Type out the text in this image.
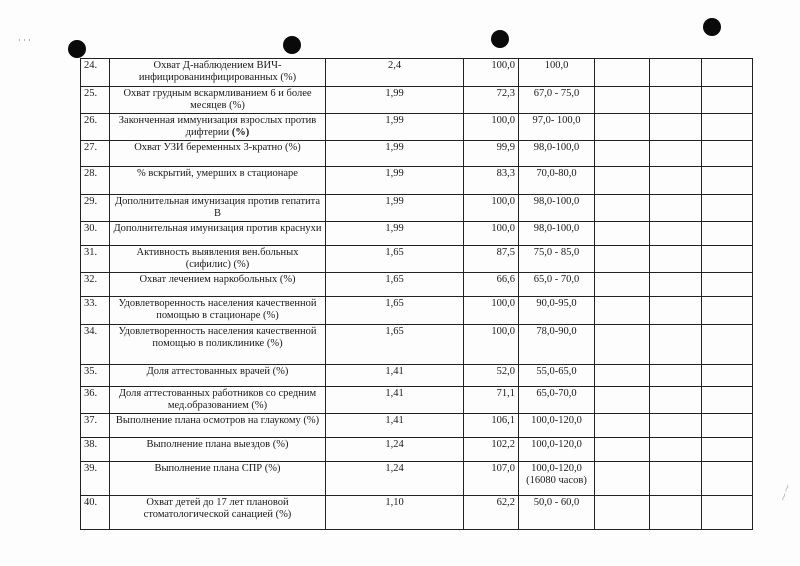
· · ·
~~
24.	Охват Д-наблюдением ВИЧ-инфицированинфицированных (%)	2,4	100,0	100,0			

25.	Охват грудным вскармливанием 6 и более месяцев (%)	1,99	72,3	67,0 - 75,0			

26.	Законченная иммунизация взрослых против дифтерии (%)	1,99	100,0	97,0- 100,0			

27.	Охват УЗИ беременных 3-кратно (%)	1,99	99,9	98,0-100,0			

28.	% вскрытий, умерших в стационаре	1,99	83,3	70,0-80,0			

29.	Дополнительная имунизация против гепатита В	1,99	100,0	98,0-100,0			

30.	Дополнительная имунизация против краснухи	1,99	100,0	98,0-100,0			

31.	Активность выявления вен.больных (сифилис) (%)	1,65	87,5	75,0 - 85,0			

32.	Охват лечением наркобольных (%)	1,65	66,6	65,0 - 70,0			

33.	Удовлетворенность населения качественной помощью в стационаре (%)	1,65	100,0	90,0-95,0			

34.	Удовлетворенность населения качественной помощью в поликлинике (%)	1,65	100,0	78,0-90,0			

35.	Доля аттестованных врачей (%)	1,41	52,0	55,0-65,0			

36.	Доля аттестованных работников со средним мед.образованием (%)	1,41	71,1	65,0-70,0			

37.	Выполнение плана осмотров на глаукому (%)	1,41	106,1	100,0-120,0			

38.	Выполнение плана выездов (%)	1,24	102,2	100,0-120,0			

39.	Выполнение плана СПР (%)	1,24	107,0	100,0-120,0
(16080 часов)			

40.	Охват детей до 17 лет плановой стоматологической санацией (%)	1,10	62,2	50,0 - 60,0			
